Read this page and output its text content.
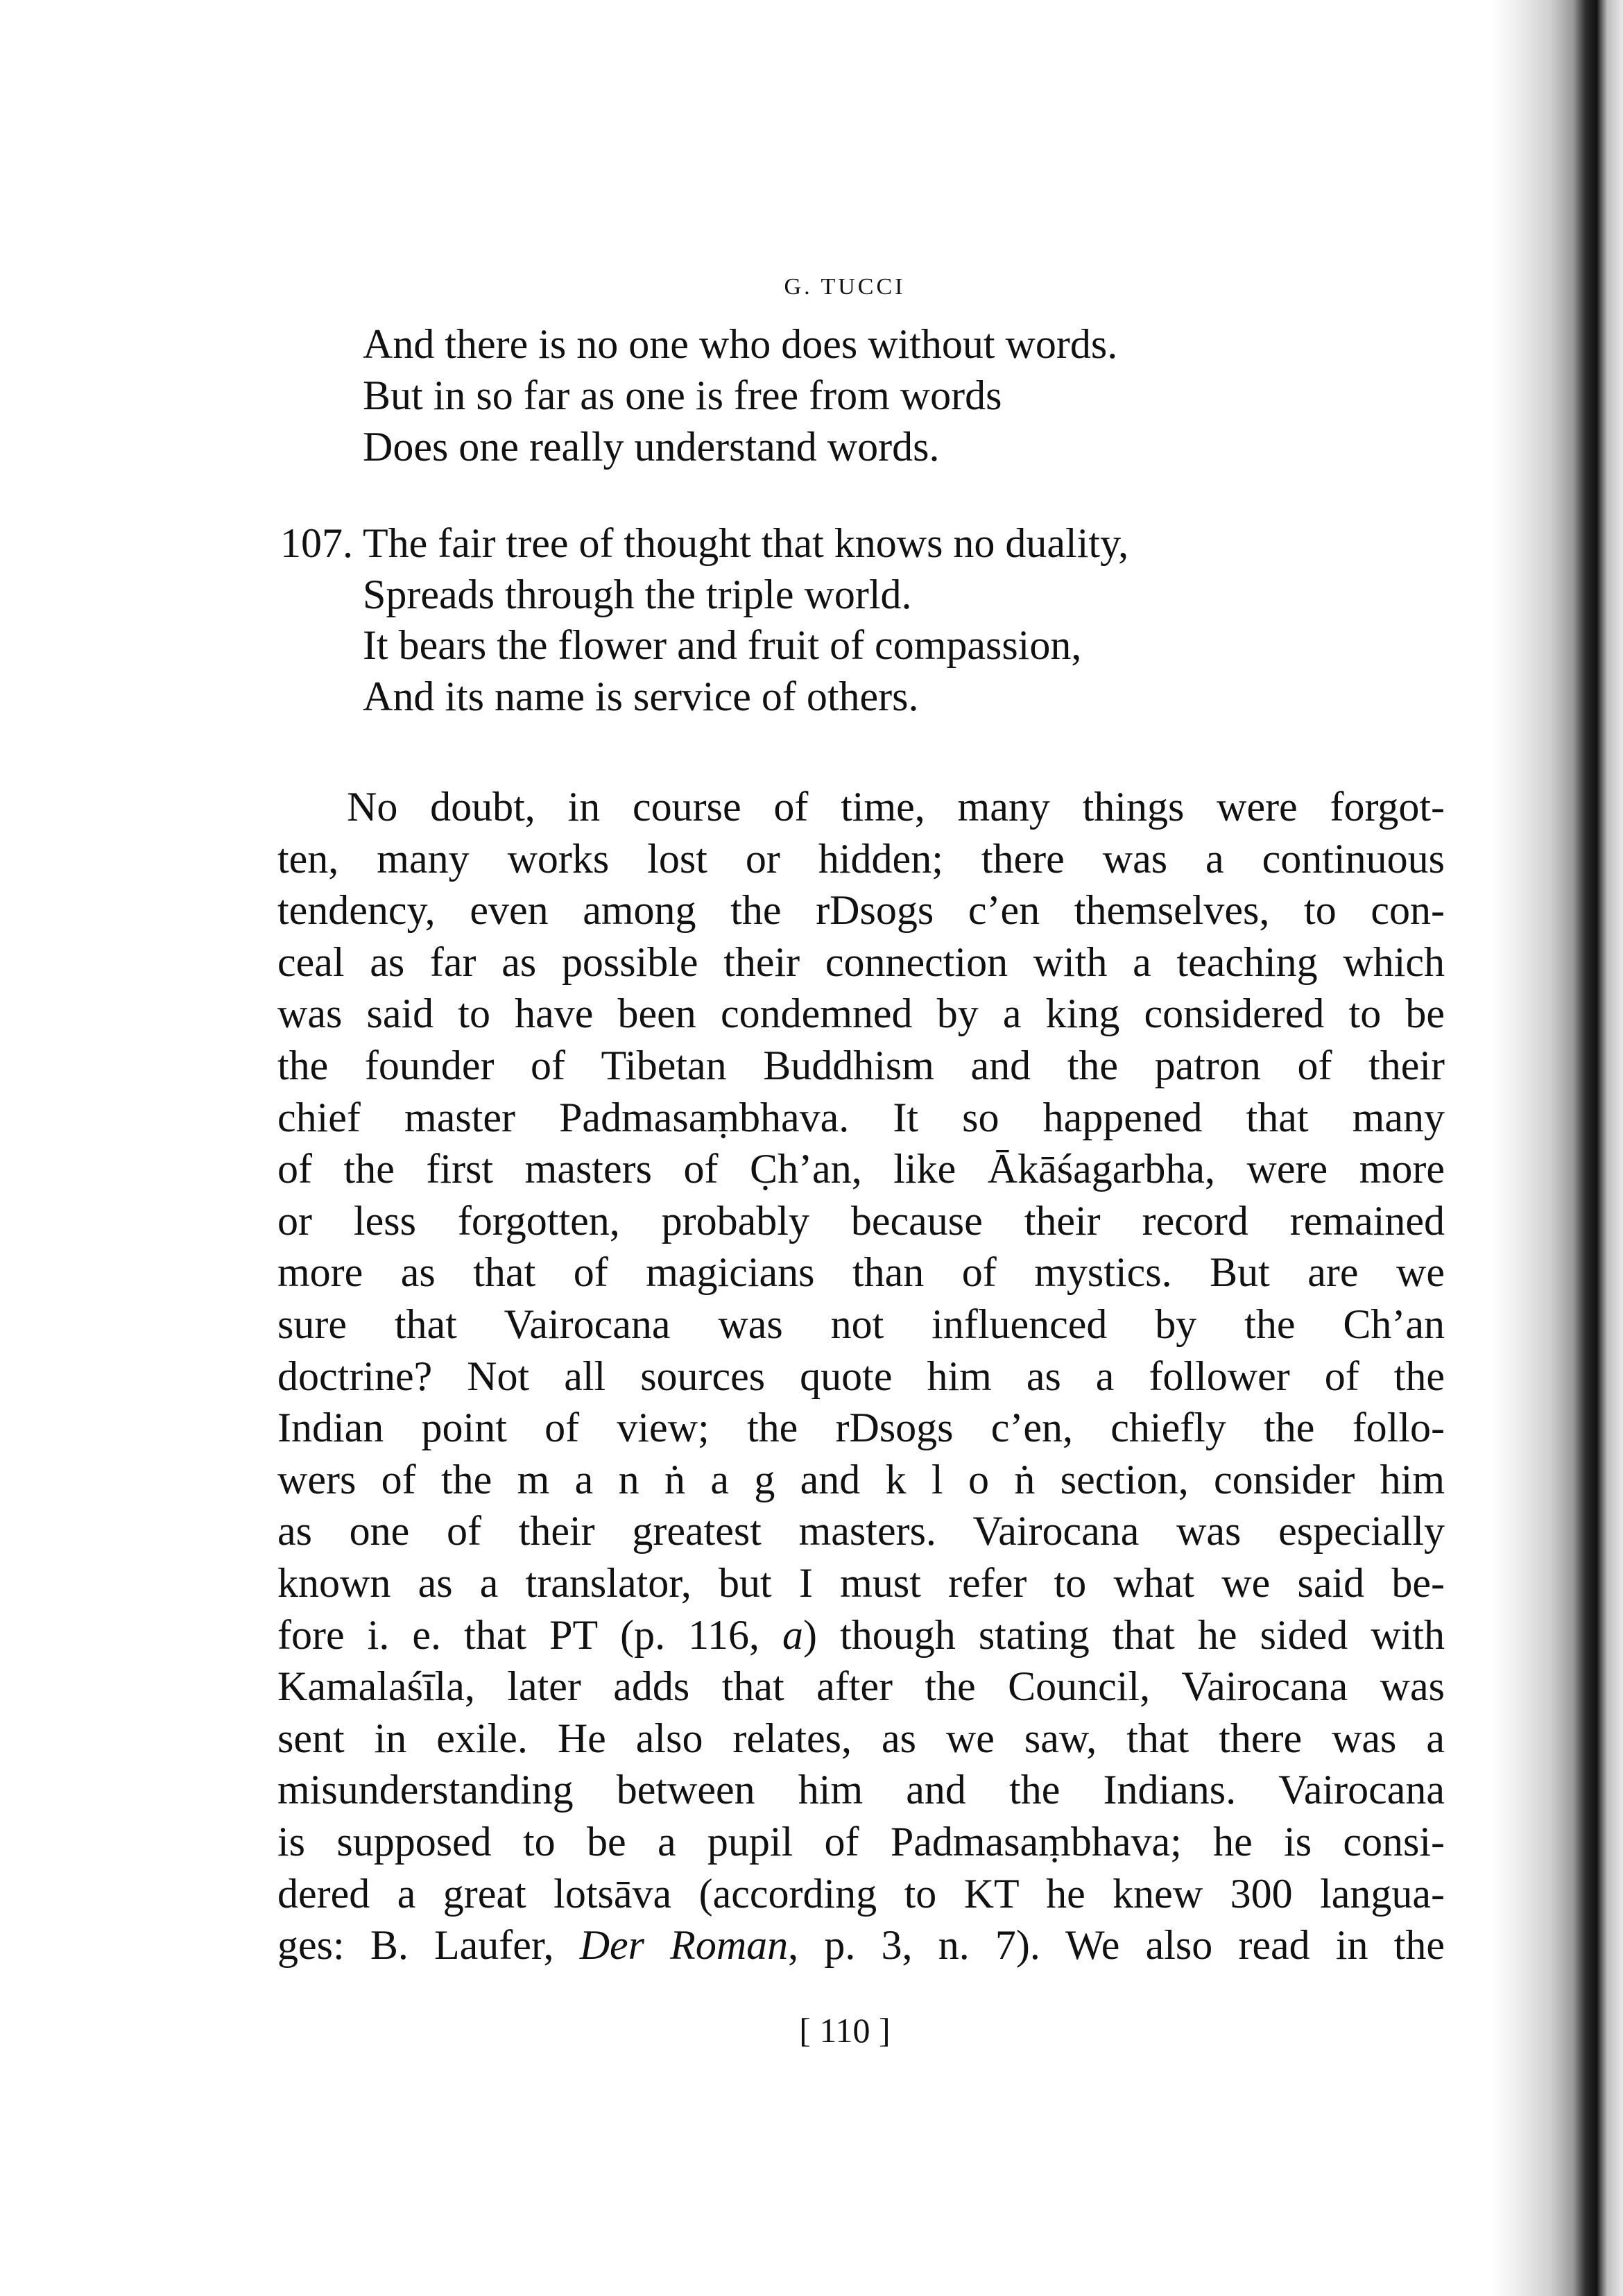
G. TUCCI
And there is no one who does without words.
But in so far as one is free from words
Does one really understand words.
107. The fair tree of thought that knows no duality,
Spreads through the triple world.
It bears the flower and fruit of compassion,
And its name is service of others.
No doubt, in course of time, many things were forgot-
ten, many works lost or hidden; there was a continuous
tendency, even among the rDsogs c’en themselves, to con-
ceal as far as possible their connection with a teaching which
was said to have been condemned by a king considered to be
the founder of Tibetan Buddhism and the patron of their
chief master Padmasaṃbhava. It so happened that many
of the first masters of C̣h’an, like Ākāśagarbha, were more
or less forgotten, probably because their record remained
more as that of magicians than of mystics. But are we
sure that Vairocana was not influenced by the Ch’an
doctrine? Not all sources quote him as a follower of the
Indian point of view; the rDsogs c’en, chiefly the follo-
wers of the m a n ṅ a g and k l o ṅ section, consider him
as one of their greatest masters. Vairocana was especially
known as a translator, but I must refer to what we said be-
fore i. e. that PT (p. 116, a) though stating that he sided with
Kamalaśīla, later adds that after the Council, Vairocana was
sent in exile. He also relates, as we saw, that there was a
misunderstanding between him and the Indians. Vairocana
is supposed to be a pupil of Padmasaṃbhava; he is consi-
dered a great lotsāva (according to KT he knew 300 langua-
ges: B. Laufer, Der Roman, p. 3, n. 7). We also read in the
[ 110 ]
